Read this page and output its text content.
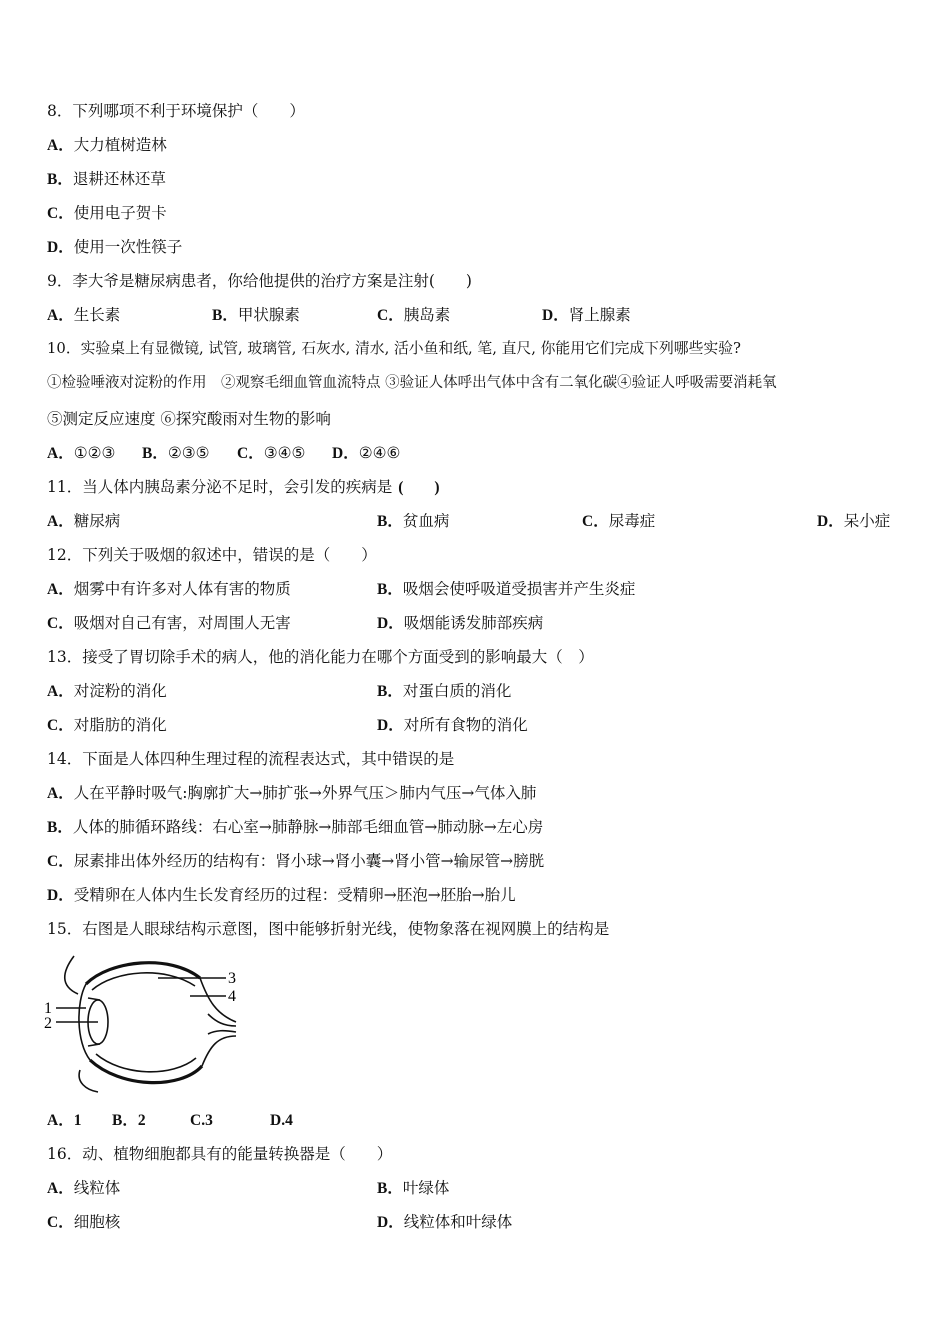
8．下列哪项不利于环境保护（　　）
A．大力植树造林
B．退耕还林还草
C．使用电子贺卡
D．使用一次性筷子
9．李大爷是糖尿病患者，你给他提供的治疗方案是注射(　　)
A．生长素	B．甲状腺素	C．胰岛素	D．肾上腺素
10．实验桌上有显微镜, 试管, 玻璃管, 石灰水, 清水, 活小鱼和纸, 笔, 直尺, 你能用它们完成下列哪些实验?
①检验唾液对淀粉的作用　②观察毛细血管血流特点 ③验证人体呼出气体中含有二氧化碳④验证人呼吸需要消耗氧
⑤测定反应速度 ⑥探究酸雨对生物的影响
A．①②③ B．②③⑤ C．③④⑤ D．②④⑥
11．当人体内胰岛素分泌不足时，会引发的疾病是 (　　)
A．糖尿病	B．贫血病	C．尿毒症	D．呆小症
12．下列关于吸烟的叙述中，错误的是（　　）
A．烟雾中有许多对人体有害的物质	B．吸烟会使呼吸道受损害并产生炎症
C．吸烟对自己有害，对周围人无害	D．吸烟能诱发肺部疾病
13．接受了胃切除手术的病人，他的消化能力在哪个方面受到的影响最大（　）
A．对淀粉的消化	B．对蛋白质的消化
C．对脂肪的消化	D．对所有食物的消化
14．下面是人体四种生理过程的流程表达式，其中错误的是
A．人在平静时吸气:胸廓扩大→肺扩张→外界气压＞肺内气压→气体入肺
B．人体的肺循环路线：右心室→肺静脉→肺部毛细血管→肺动脉→左心房
C．尿素排出体外经历的结构有：肾小球→肾小囊→肾小管→输尿管→膀胱
D．受精卵在人体内生长发育经历的过程：受精卵→胚泡→胚胎→胎儿
15．右图是人眼球结构示意图，图中能够折射光线，使物象落在视网膜上的结构是
3
4
1
2
A．1 B．2	C.3	D.4
16．动、植物细胞都具有的能量转换器是（　　）
A．线粒体	B．叶绿体
C．细胞核	D．线粒体和叶绿体
